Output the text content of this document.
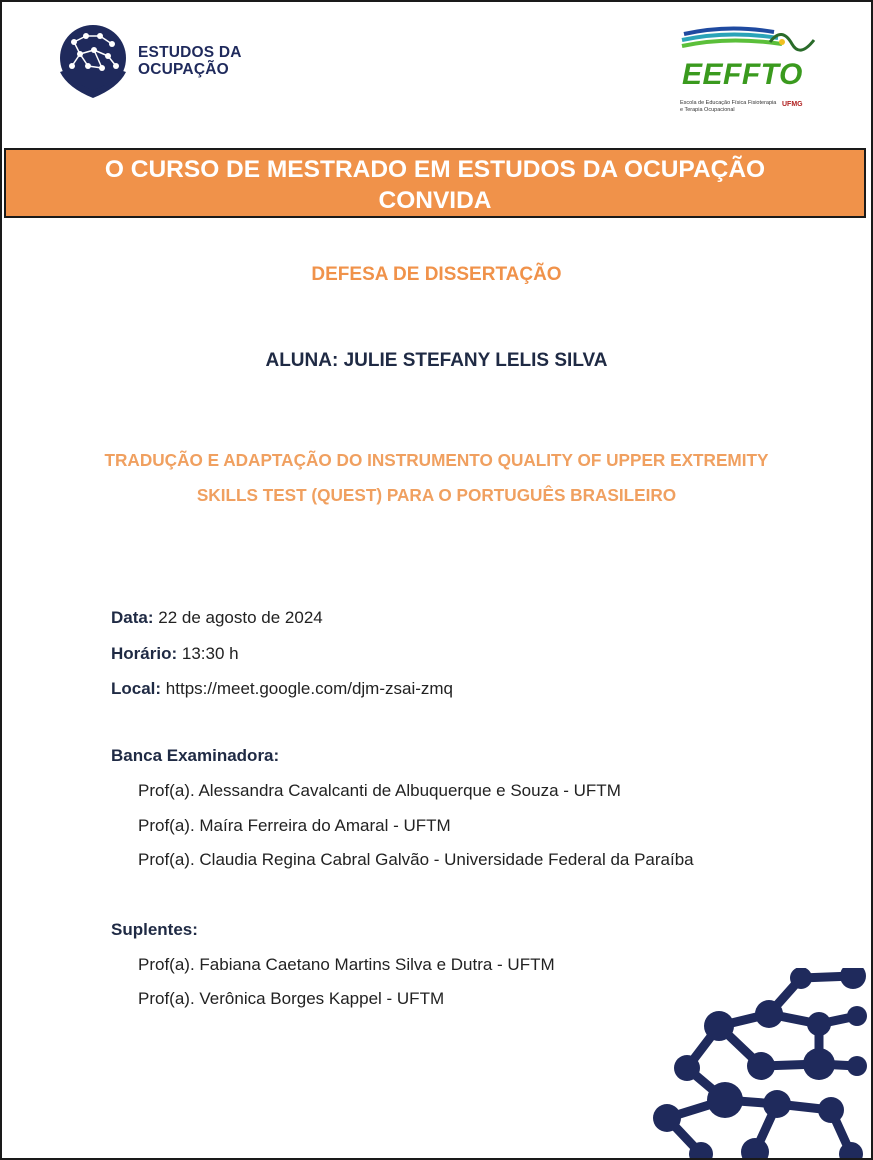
ESTUDOS DA
OCUPAÇÃO	EEFFTO
Escola de Educação Física Fisioterapia e Terapia Ocupacional
UFMG
O CURSO DE MESTRADO EM ESTUDOS DA OCUPAÇÃO
CONVIDA
DEFESA DE DISSERTAÇÃO
ALUNA: JULIE STEFANY LELIS SILVA
TRADUÇÃO E ADAPTAÇÃO DO INSTRUMENTO QUALITY OF UPPER EXTREMITY
SKILLS TEST (QUEST) PARA O PORTUGUÊS BRASILEIRO
Data: 22 de agosto de 2024
Horário: 13:30 h
Local: https://meet.google.com/djm-zsai-zmq
Banca Examinadora:
Prof(a). Alessandra Cavalcanti de Albuquerque e Souza - UFTM
Prof(a). Maíra Ferreira do Amaral - UFTM
Prof(a). Claudia Regina Cabral Galvão - Universidade Federal da Paraíba
Suplentes:
Prof(a). Fabiana Caetano Martins Silva e Dutra - UFTM
Prof(a). Verônica Borges Kappel - UFTM
